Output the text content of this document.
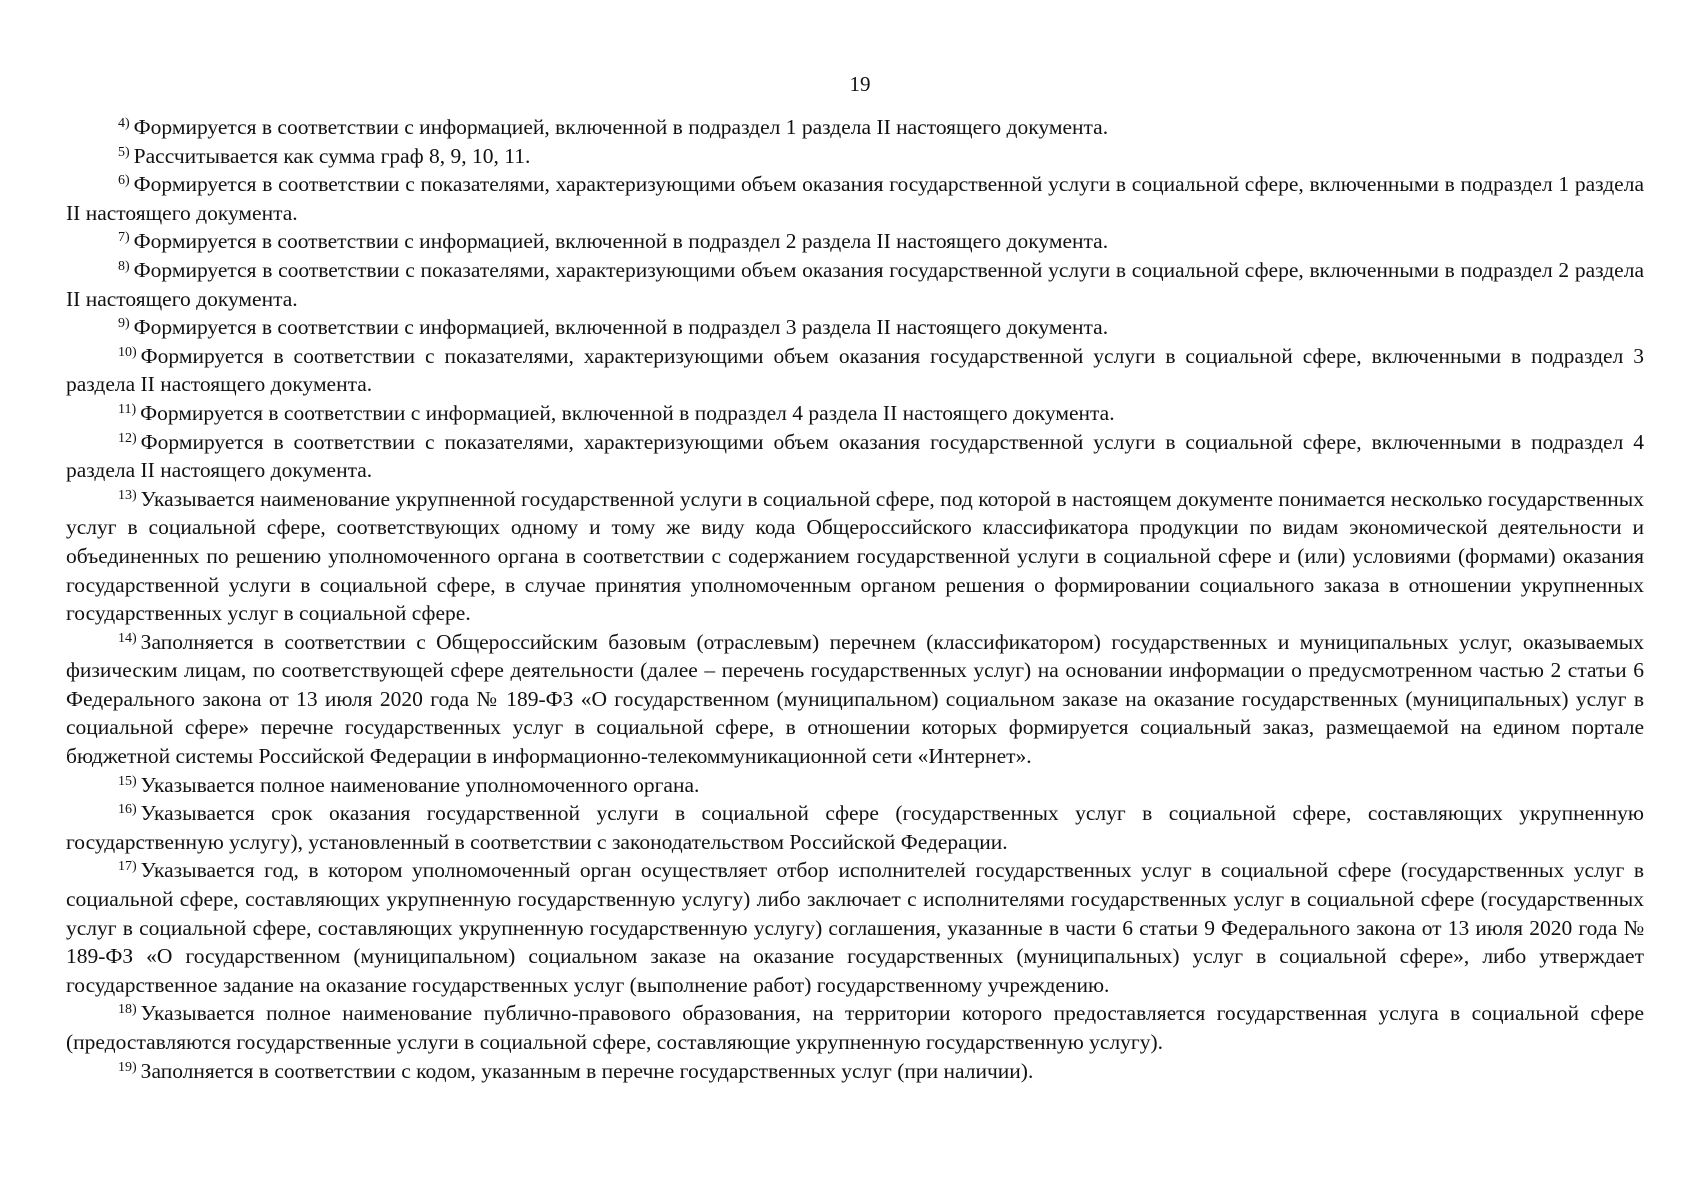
19

$^{4)}$ Формируется в соответствии с информацией, включенной в подраздел 1 раздела II настоящего документа.

$^{5)}$ Рассчитывается как сумма граф 8, 9, 10, 11.

$^{6)}$ Формируется в соответствии с показателями, характеризующими объем оказания государственной услуги в социальной сфере, включенными в подраздел 1 раздела II настоящего документа.

$^{7)}$ Формируется в соответствии с информацией, включенной в подраздел 2 раздела II настоящего документа.

$^{8)}$ Формируется в соответствии с показателями, характеризующими объем оказания государственной услуги в социальной сфере, включенными в подраздел 2 раздела II настоящего документа.

$^{9)}$ Формируется в соответствии с информацией, включенной в подраздел 3 раздела II настоящего документа.

$^{10)}$ Формируется в соответствии с показателями, характеризующими объем оказания государственной услуги в социальной сфере, включенными в подраздел 3 раздела II настоящего документа.

$^{11)}$ Формируется в соответствии с информацией, включенной в подраздел 4 раздела II настоящего документа.

$^{12)}$ Формируется в соответствии с показателями, характеризующими объем оказания государственной услуги в социальной сфере, включенными в подраздел 4 раздела II настоящего документа.

$^{13)}$ Указывается наименование укрупненной государственной услуги в социальной сфере, под которой в настоящем документе понимается несколько государственных услуг в социальной сфере, соответствующих одному и тому же виду кода Общероссийского классификатора продукции по видам экономической деятельности и объединенных по решению уполномоченного органа в соответствии с содержанием государственной услуги в социальной сфере и (или) условиями (формами) оказания государственной услуги в социальной сфере, в случае принятия уполномоченным органом решения о формировании социального заказа в отношении укрупненных государственных услуг в социальной сфере.

$^{14)}$ Заполняется в соответствии с Общероссийским базовым (отраслевым) перечнем (классификатором) государственных и муниципальных услуг, оказываемых физическим лицам, по соответствующей сфере деятельности (далее – перечень государственных услуг) на основании информации о предусмотренном частью 2 статьи 6 Федерального закона от 13 июля 2020 года № 189-ФЗ «О государственном (муниципальном) социальном заказе на оказание государственных (муниципальных) услуг в социальной сфере» перечне государственных услуг в социальной сфере, в отношении которых формируется социальный заказ, размещаемой на едином портале бюджетной системы Российской Федерации в информационно-телекоммуникационной сети «Интернет».

$^{15)}$ Указывается полное наименование уполномоченного органа.

$^{16)}$ Указывается срок оказания государственной услуги в социальной сфере (государственных услуг в социальной сфере, составляющих укрупненную государственную услугу), установленный в соответствии с законодательством Российской Федерации.

$^{17)}$ Указывается год, в котором уполномоченный орган осуществляет отбор исполнителей государственных услуг в социальной сфере (государственных услуг в социальной сфере, составляющих укрупненную государственную услугу) либо заключает с исполнителями государственных услуг в социальной сфере (государственных услуг в социальной сфере, составляющих укрупненную государственную услугу) соглашения, указанные в части 6 статьи 9 Федерального закона от 13 июля 2020 года № 189-ФЗ «О государственном (муниципальном) социальном заказе на оказание государственных (муниципальных) услуг в социальной сфере», либо утверждает государственное задание на оказание государственных услуг (выполнение работ) государственному учреждению.

$^{18)}$ Указывается полное наименование публично-правового образования, на территории которого предоставляется государственная услуга в социальной сфере (предоставляются государственные услуги в социальной сфере, составляющие укрупненную государственную услугу).

$^{19)}$ Заполняется в соответствии с кодом, указанным в перечне государственных услуг (при наличии).
